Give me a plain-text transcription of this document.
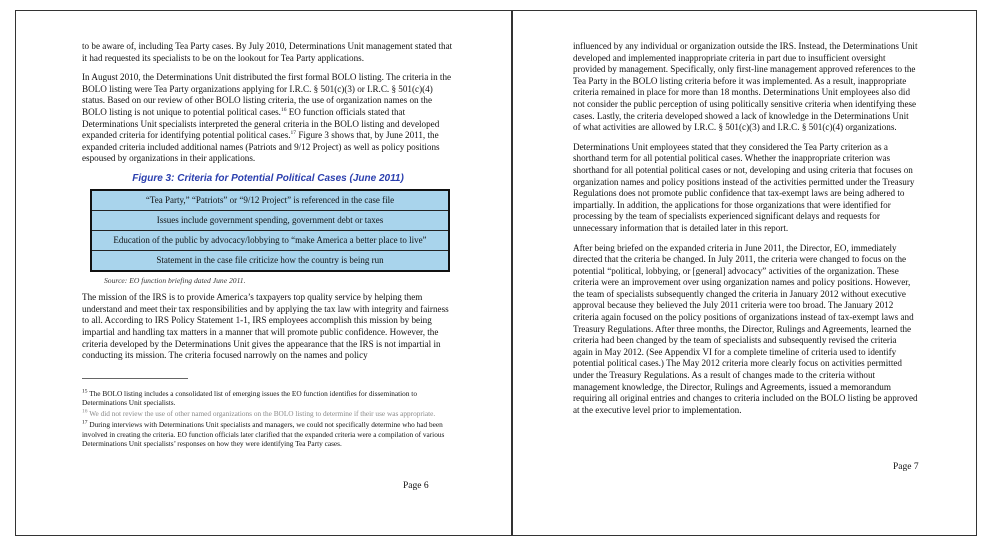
to be aware of, including Tea Party cases. By July 2010, Determinations Unit management stated that it had requested its specialists to be on the lookout for Tea Party applications.

In August 2010, the Determinations Unit distributed the first formal BOLO listing. The criteria in the BOLO listing were Tea Party organizations applying for I.R.C. § 501(c)(3) or I.R.C. § 501(c)(4) status. Based on our review of other BOLO listing criteria, the use of organization names on the BOLO listing is not unique to potential political cases.$^{16}$ EO function officials stated that Determinations Unit specialists interpreted the general criteria in the BOLO listing and developed expanded criteria for identifying potential political cases.$^{17}$ Figure 3 shows that, by June 2011, the expanded criteria included additional names (Patriots and 9/12 Project) as well as policy positions espoused by organizations in their applications.

Figure 3: Criteria for Potential Political Cases (June 2011)
“Tea Party,” “Patriots” or “9/12 Project” is referenced in the case file
Issues include government spending, government debt or taxes
Education of the public by advocacy/lobbying to “make America a better place to live”
Statement in the case file criticize how the country is being run
Source: EO function briefing dated June 2011.

The mission of the IRS is to provide America’s taxpayers top quality service by helping them understand and meet their tax responsibilities and by applying the tax law with integrity and fairness to all. According to IRS Policy Statement 1-1, IRS employees accomplish this mission by being impartial and handling tax matters in a manner that will promote public confidence. However, the criteria developed by the Determinations Unit gives the appearance that the IRS is not impartial in conducting its mission. The criteria focused narrowly on the names and policy

$^{15}$ The BOLO listing includes a consolidated list of emerging issues the EO function identifies for dissemination to Determinations Unit specialists.
$^{16}$ We did not review the use of other named organizations on the BOLO listing to determine if their use was appropriate.
$^{17}$ During interviews with Determinations Unit specialists and managers, we could not specifically determine who had been involved in creating the criteria. EO function officials later clarified that the expanded criteria were a compilation of various Determinations Unit specialists’ responses on how they were identifying Tea Party cases.
Page 6

influenced by any individual or organization outside the IRS. Instead, the Determinations Unit developed and implemented inappropriate criteria in part due to insufficient oversight provided by management. Specifically, only first-line management approved references to the Tea Party in the BOLO listing criteria before it was implemented. As a result, inappropriate criteria remained in place for more than 18 months. Determinations Unit employees also did not consider the public perception of using politically sensitive criteria when identifying these cases. Lastly, the criteria developed showed a lack of knowledge in the Determinations Unit of what activities are allowed by I.R.C. § 501(c)(3) and I.R.C. § 501(c)(4) organizations.

Determinations Unit employees stated that they considered the Tea Party criterion as a shorthand term for all potential political cases. Whether the inappropriate criterion was shorthand for all potential political cases or not, developing and using criteria that focuses on organization names and policy positions instead of the activities permitted under the Treasury Regulations does not promote public confidence that tax-exempt laws are being adhered to impartially. In addition, the applications for those organizations that were identified for processing by the team of specialists experienced significant delays and requests for unnecessary information that is detailed later in this report.

After being briefed on the expanded criteria in June 2011, the Director, EO, immediately directed that the criteria be changed. In July 2011, the criteria were changed to focus on the potential “political, lobbying, or [general] advocacy” activities of the organization. These criteria were an improvement over using organization names and policy positions. However, the team of specialists subsequently changed the criteria in January 2012 without executive approval because they believed the July 2011 criteria were too broad. The January 2012 criteria again focused on the policy positions of organizations instead of tax-exempt laws and Treasury Regulations. After three months, the Director, Rulings and Agreements, learned the criteria had been changed by the team of specialists and subsequently revised the criteria again in May 2012. (See Appendix VI for a complete timeline of criteria used to identify potential political cases.) The May 2012 criteria more clearly focus on activities permitted under the Treasury Regulations. As a result of changes made to the criteria without management knowledge, the Director, Rulings and Agreements, issued a memorandum requiring all original entries and changes to criteria included on the BOLO listing be approved at the executive level prior to implementation.

Page 7
